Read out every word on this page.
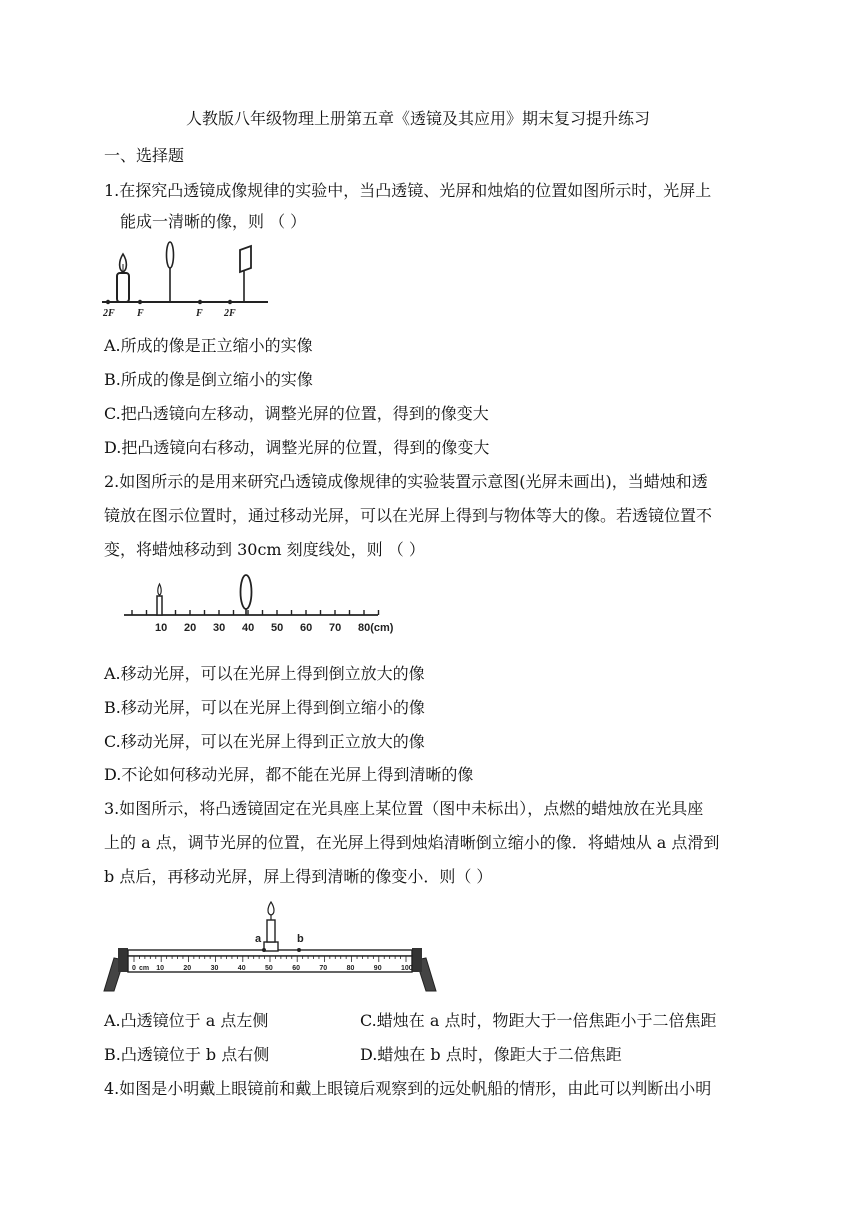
人教版八年级物理上册第五章《透镜及其应用》期末复习提升练习
一、选择题
1.在探究凸透镜成像规律的实验中，当凸透镜、光屏和烛焰的位置如图所示时，光屏上
能成一清晰的像，则 （ ）
2F F	F 2F
A.所成的像是正立缩小的实像
B.所成的像是倒立缩小的实像
C.把凸透镜向左移动，调整光屏的位置，得到的像变大
D.把凸透镜向右移动，调整光屏的位置，得到的像变大
2.如图所示的是用来研究凸透镜成像规律的实验装置示意图(光屏未画出)，当蜡烛和透
镜放在图示位置时，通过移动光屏，可以在光屏上得到与物体等大的像。若透镜位置不
变，将蜡烛移动到 30cm 刻度线处，则 （ ）
10 20 30 40 50 60 70 80(cm)
A.移动光屏，可以在光屏上得到倒立放大的像
B.移动光屏，可以在光屏上得到倒立缩小的像
C.移动光屏，可以在光屏上得到正立放大的像
D.不论如何移动光屏，都不能在光屏上得到清晰的像
3.如图所示，将凸透镜固定在光具座上某位置（图中未标出），点燃的蜡烛放在光具座
上的 a 点，调节光屏的位置，在光屏上得到烛焰清晰倒立缩小的像．将蜡烛从 a 点滑到
b 点后，再移动光屏，屏上得到清晰的像变小．则（ ）
0 cm 10	20	30	40	50	60	70	80	90	100
a	b
A.凸透镜位于 a 点左侧	C.蜡烛在 a 点时，物距大于一倍焦距小于二倍焦距
B.凸透镜位于 b 点右侧	D.蜡烛在 b 点时，像距大于二倍焦距
4.如图是小明戴上眼镜前和戴上眼镜后观察到的远处帆船的情形，由此可以判断出小明
